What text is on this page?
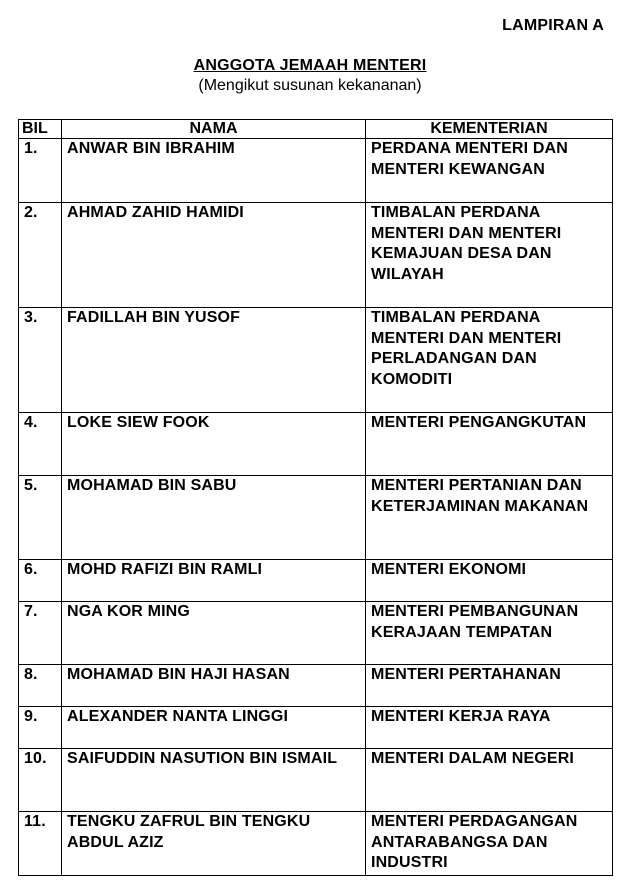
LAMPIRAN A
ANGGOTA JEMAAH MENTERI
(Mengikut susunan kekananan)
BIL	NAMA	KEMENTERIAN
1.	ANWAR BIN IBRAHIM	PERDANA MENTERI DAN MENTERI KEWANGAN
2.	AHMAD ZAHID HAMIDI	TIMBALAN PERDANA MENTERI DAN MENTERI KEMAJUAN DESA DAN WILAYAH
3.	FADILLAH BIN YUSOF	TIMBALAN PERDANA MENTERI DAN MENTERI PERLADANGAN DAN KOMODITI
4.	LOKE SIEW FOOK	MENTERI PENGANGKUTAN
5.	MOHAMAD BIN SABU	MENTERI PERTANIAN DAN KETERJAMINAN MAKANAN
6.	MOHD RAFIZI BIN RAMLI	MENTERI EKONOMI
7.	NGA KOR MING	MENTERI PEMBANGUNAN KERAJAAN TEMPATAN
8.	MOHAMAD BIN HAJI HASAN	MENTERI PERTAHANAN
9.	ALEXANDER NANTA LINGGI	MENTERI KERJA RAYA
10.	SAIFUDDIN NASUTION BIN ISMAIL	MENTERI DALAM NEGERI
11.	TENGKU ZAFRUL BIN TENGKU ABDUL AZIZ	MENTERI PERDAGANGAN ANTARABANGSA DAN INDUSTRI
